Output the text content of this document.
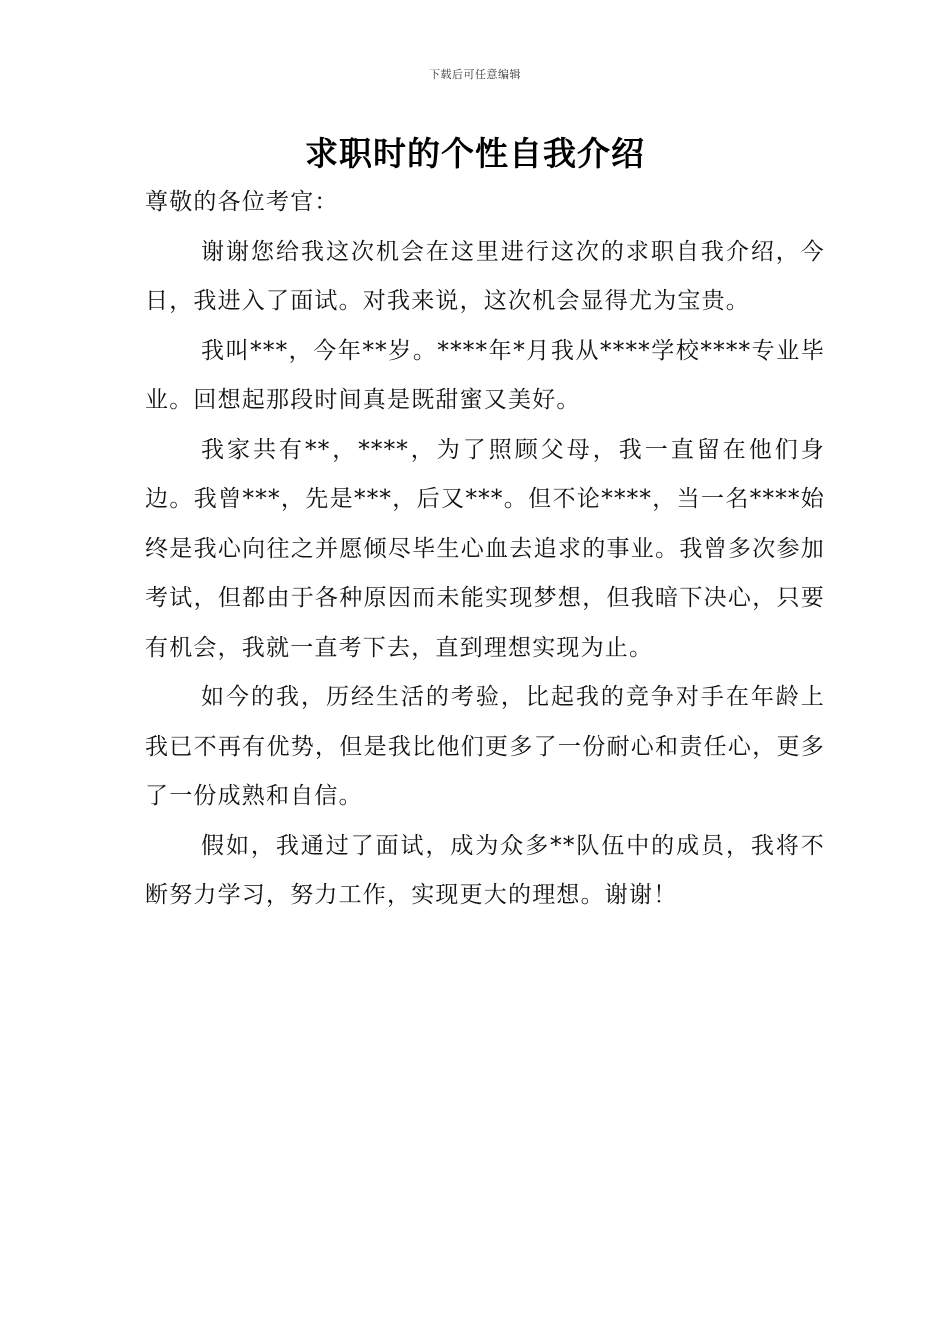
下载后可任意编辑
求职时的个性自我介绍

尊敬的各位考官：

谢谢您给我这次机会在这里进行这次的求职自我介绍，今日，我进入了面试。对我来说，这次机会显得尤为宝贵。

我叫***，今年**岁。****年*月我从****学校****专业毕业。回想起那段时间真是既甜蜜又美好。

我家共有**，****，为了照顾父母，我一直留在他们身边。我曾***，先是***，后又***。但不论****，当一名****始终是我心向往之并愿倾尽毕生心血去追求的事业。我曾多次参加考试，但都由于各种原因而未能实现梦想，但我暗下决心，只要有机会，我就一直考下去，直到理想实现为止。

如今的我，历经生活的考验，比起我的竞争对手在年龄上我已不再有优势，但是我比他们更多了一份耐心和责任心，更多了一份成熟和自信。

假如，我通过了面试，成为众多**队伍中的成员，我将不断努力学习，努力工作，实现更大的理想。谢谢！
